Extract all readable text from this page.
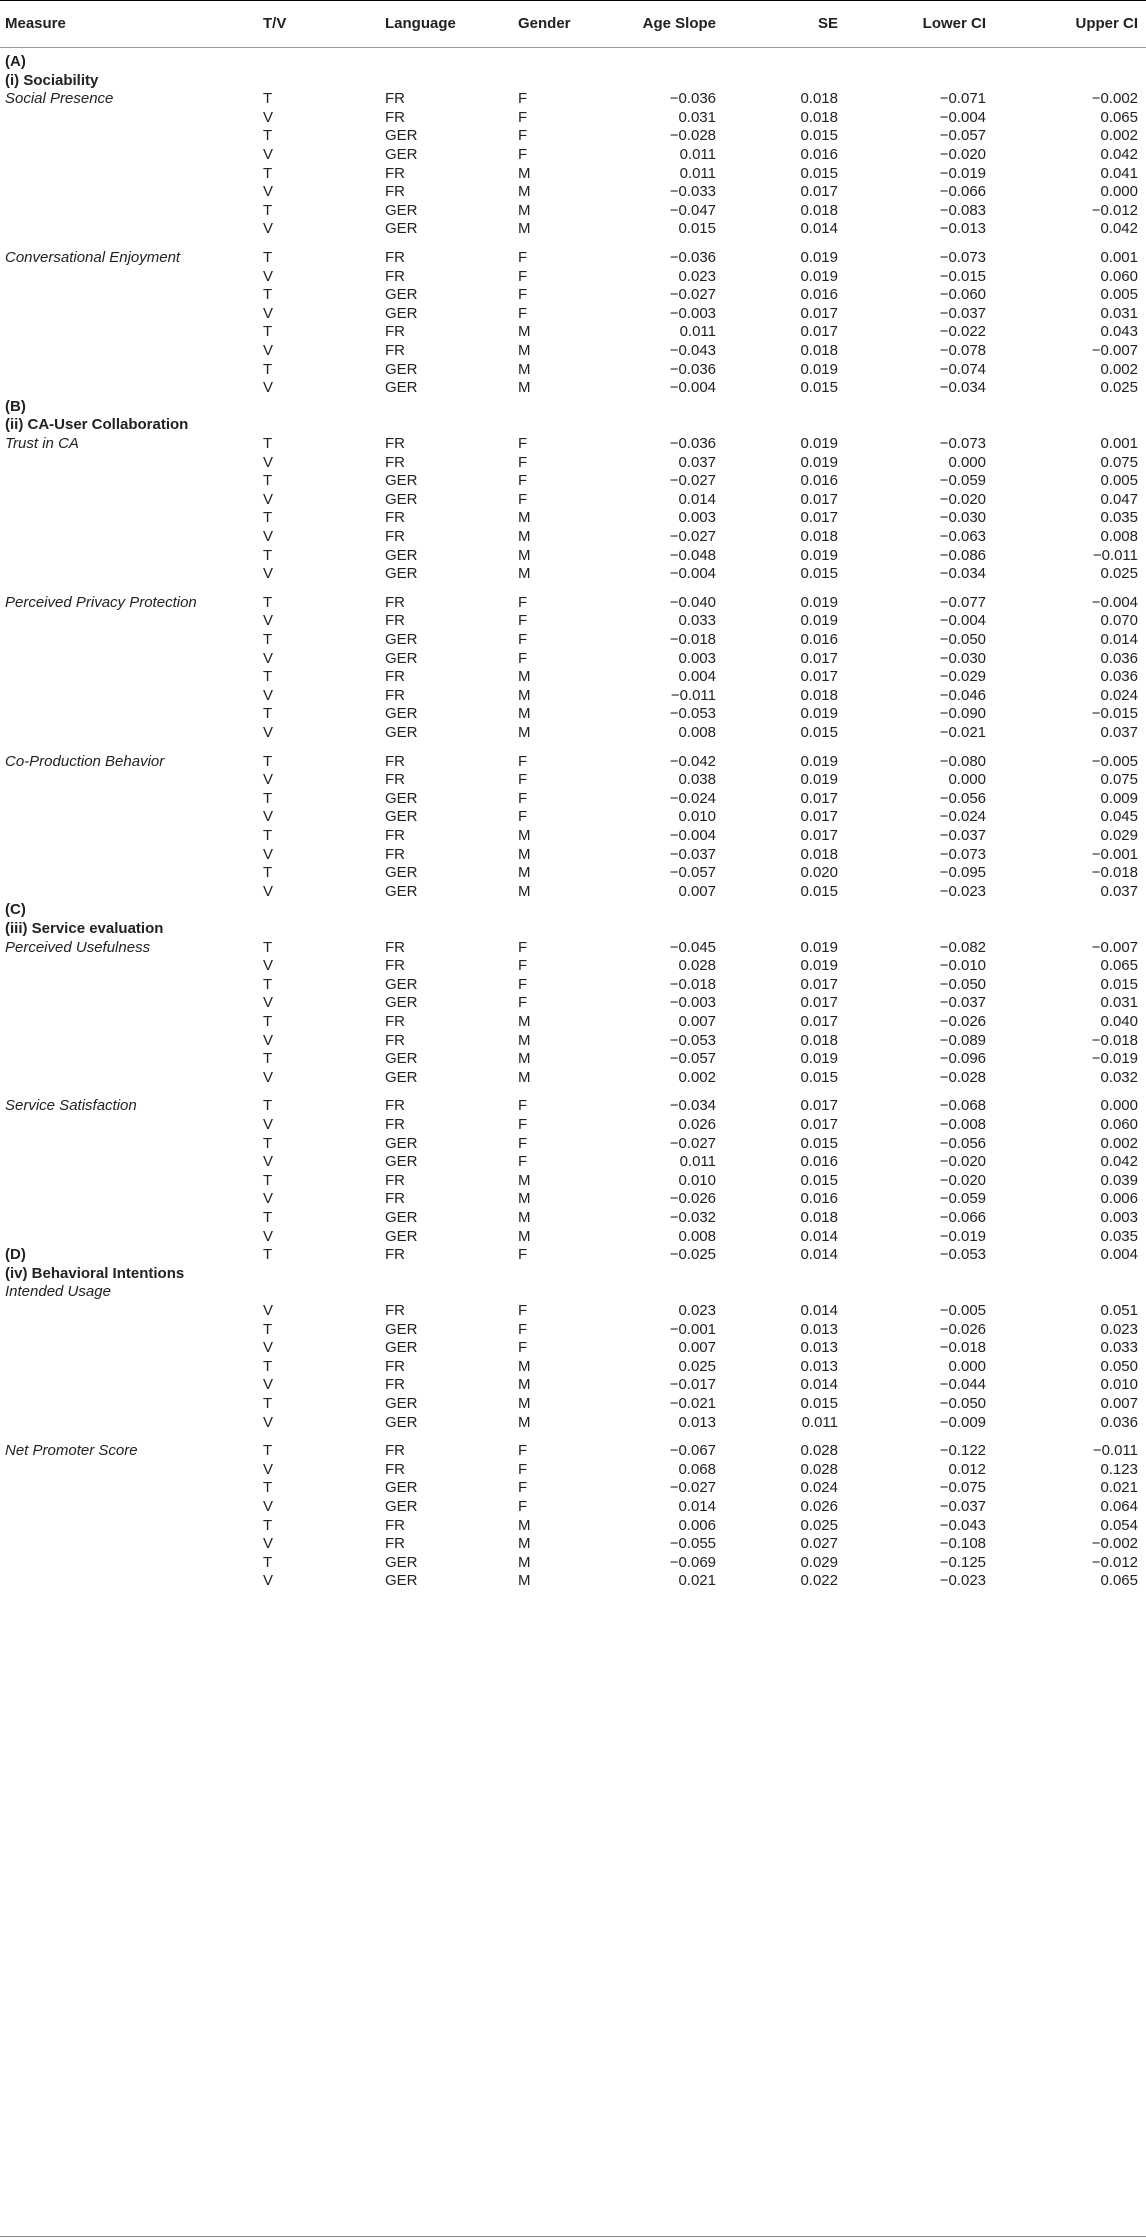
Measure	T/V	Language	Gender	Age Slope	SE	Lower CI	Upper CI
(A)
(i) Sociability
Social Presence	T	FR	F	−0.036	0.018	−0.071	−0.002
V	FR	F	0.031	0.018	−0.004	0.065
T	GER	F	−0.028	0.015	−0.057	0.002
V	GER	F	0.011	0.016	−0.020	0.042
T	FR	M	0.011	0.015	−0.019	0.041
V	FR	M	−0.033	0.017	−0.066	0.000
T	GER	M	−0.047	0.018	−0.083	−0.012
V	GER	M	0.015	0.014	−0.013	0.042
Conversational Enjoyment	T	FR	F	−0.036	0.019	−0.073	0.001
V	FR	F	0.023	0.019	−0.015	0.060
T	GER	F	−0.027	0.016	−0.060	0.005
V	GER	F	−0.003	0.017	−0.037	0.031
T	FR	M	0.011	0.017	−0.022	0.043
V	FR	M	−0.043	0.018	−0.078	−0.007
T	GER	M	−0.036	0.019	−0.074	0.002
V	GER	M	−0.004	0.015	−0.034	0.025
(B)
(ii) CA-User Collaboration
Trust in CA	T	FR	F	−0.036	0.019	−0.073	0.001
V	FR	F	0.037	0.019	0.000	0.075
T	GER	F	−0.027	0.016	−0.059	0.005
V	GER	F	0.014	0.017	−0.020	0.047
T	FR	M	0.003	0.017	−0.030	0.035
V	FR	M	−0.027	0.018	−0.063	0.008
T	GER	M	−0.048	0.019	−0.086	−0.011
V	GER	M	−0.004	0.015	−0.034	0.025
Perceived Privacy Protection	T	FR	F	−0.040	0.019	−0.077	−0.004
V	FR	F	0.033	0.019	−0.004	0.070
T	GER	F	−0.018	0.016	−0.050	0.014
V	GER	F	0.003	0.017	−0.030	0.036
T	FR	M	0.004	0.017	−0.029	0.036
V	FR	M	−0.011	0.018	−0.046	0.024
T	GER	M	−0.053	0.019	−0.090	−0.015
V	GER	M	0.008	0.015	−0.021	0.037
Co-Production Behavior	T	FR	F	−0.042	0.019	−0.080	−0.005
V	FR	F	0.038	0.019	0.000	0.075
T	GER	F	−0.024	0.017	−0.056	0.009
V	GER	F	0.010	0.017	−0.024	0.045
T	FR	M	−0.004	0.017	−0.037	0.029
V	FR	M	−0.037	0.018	−0.073	−0.001
T	GER	M	−0.057	0.020	−0.095	−0.018
V	GER	M	0.007	0.015	−0.023	0.037
(C)
(iii) Service evaluation
Perceived Usefulness	T	FR	F	−0.045	0.019	−0.082	−0.007
V	FR	F	0.028	0.019	−0.010	0.065
T	GER	F	−0.018	0.017	−0.050	0.015
V	GER	F	−0.003	0.017	−0.037	0.031
T	FR	M	0.007	0.017	−0.026	0.040
V	FR	M	−0.053	0.018	−0.089	−0.018
T	GER	M	−0.057	0.019	−0.096	−0.019
V	GER	M	0.002	0.015	−0.028	0.032
Service Satisfaction	T	FR	F	−0.034	0.017	−0.068	0.000
V	FR	F	0.026	0.017	−0.008	0.060
T	GER	F	−0.027	0.015	−0.056	0.002
V	GER	F	0.011	0.016	−0.020	0.042
T	FR	M	0.010	0.015	−0.020	0.039
V	FR	M	−0.026	0.016	−0.059	0.006
T	GER	M	−0.032	0.018	−0.066	0.003
V	GER	M	0.008	0.014	−0.019	0.035
(D)	T	FR	F	−0.025	0.014	−0.053	0.004
(iv) Behavioral Intentions
Intended Usage
V	FR	F	0.023	0.014	−0.005	0.051
T	GER	F	−0.001	0.013	−0.026	0.023
V	GER	F	0.007	0.013	−0.018	0.033
T	FR	M	0.025	0.013	0.000	0.050
V	FR	M	−0.017	0.014	−0.044	0.010
T	GER	M	−0.021	0.015	−0.050	0.007
V	GER	M	0.013	0.011	−0.009	0.036
Net Promoter Score	T	FR	F	−0.067	0.028	−0.122	−0.011
V	FR	F	0.068	0.028	0.012	0.123
T	GER	F	−0.027	0.024	−0.075	0.021
V	GER	F	0.014	0.026	−0.037	0.064
T	FR	M	0.006	0.025	−0.043	0.054
V	FR	M	−0.055	0.027	−0.108	−0.002
T	GER	M	−0.069	0.029	−0.125	−0.012
V	GER	M	0.021	0.022	−0.023	0.065
